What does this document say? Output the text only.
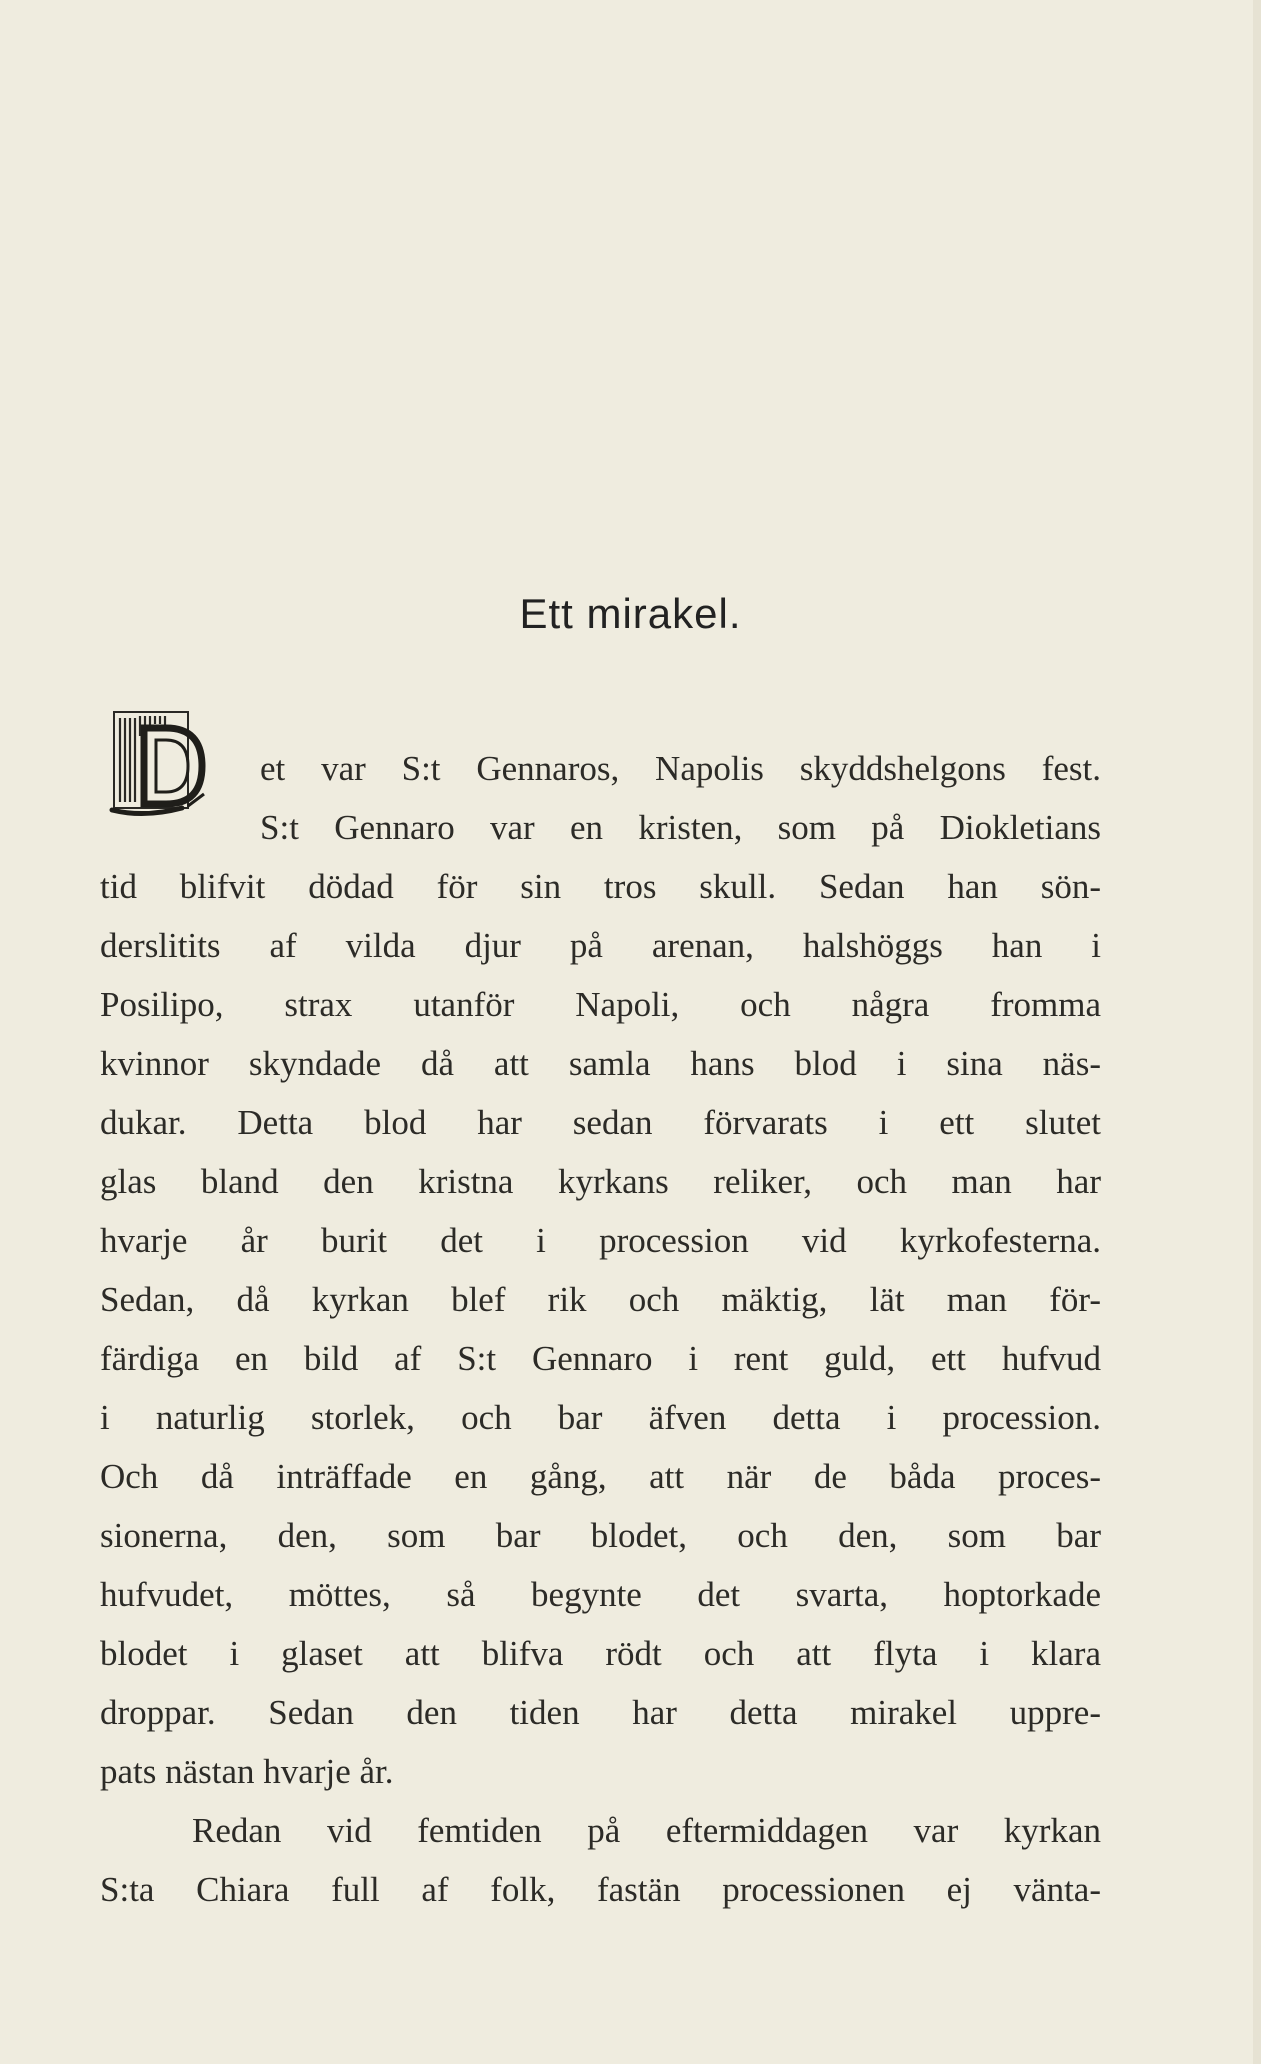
Ett mirakel.
et var S:t Gennaros, Napolis skyddshelgons fest.
S:t Gennaro var en kristen, som på Diokletians
tid blifvit dödad för sin tros skull. Sedan han sön-
derslitits af vilda djur på arenan, halshöggs han i
Posilipo, strax utanför Napoli, och några fromma
kvinnor skyndade då att samla hans blod i sina näs-
dukar. Detta blod har sedan förvarats i ett slutet
glas bland den kristna kyrkans reliker, och man har
hvarje år burit det i procession vid kyrkofesterna.
Sedan, då kyrkan blef rik och mäktig, lät man för-
färdiga en bild af S:t Gennaro i rent guld, ett hufvud
i naturlig storlek, och bar äfven detta i procession.
Och då inträffade en gång, att när de båda proces-
sionerna, den, som bar blodet, och den, som bar
hufvudet, möttes, så begynte det svarta, hoptorkade
blodet i glaset att blifva rödt och att flyta i klara
droppar. Sedan den tiden har detta mirakel uppre-
pats nästan hvarje år.
Redan vid femtiden på eftermiddagen var kyrkan
S:ta Chiara full af folk, fastän processionen ej vänta-
